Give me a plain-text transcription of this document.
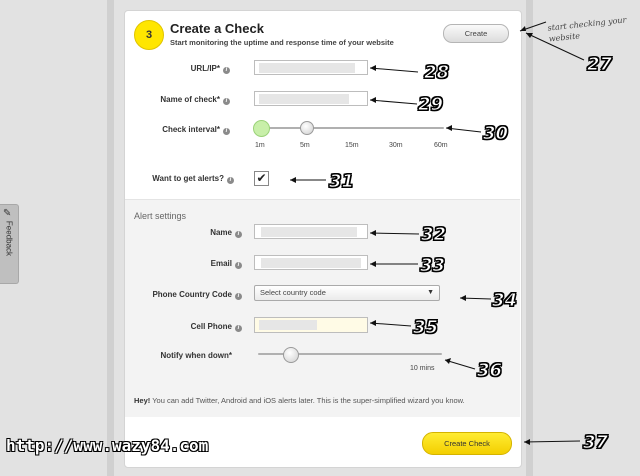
✎
Feedback
3	Create a Check
Start monitoring the uptime and response time of your website
Create
start checking your website
URL/IP* i
Name of check* i
Check interval* i
1m	5m	15m	30m	60m
Want to get alerts? i ✔
Alert settings
Name i
Email i
Phone Country Code i	Select country code	▼
Cell Phone i
Notify when down*
10 mins
Hey! You can add Twitter, Android and iOS alerts later. This is the super-simplified wizard you know.
Create Check
27
28
29
30
31
32
33
34
35
36
37
http://www.wazy84.com
